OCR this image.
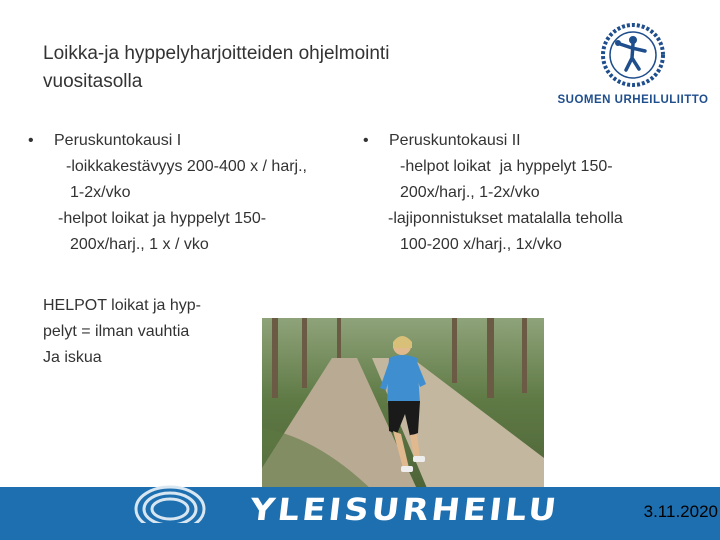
Loikka-ja hyppelyharjoitteiden ohjelmointi
vuositasolla
SUOMEN URHEILULIITTO
• Peruskuntokausi I
-loikkakestävyys 200-400 x / harj.,
1-2x/vko
-helpot loikat ja hyppelyt 150-
200x/harj., 1 x / vko
• Peruskuntokausi II
-helpot loikat  ja hyppelyt 150-
200x/harj., 1-2x/vko
-lajiponnistukset matalalla teholla
100-200 x/harj., 1x/vko
HELPOT loikat ja hyp-
pelyt = ilman vauhtia
Ja iskua
YLEISURHEILU	3.11.2020
